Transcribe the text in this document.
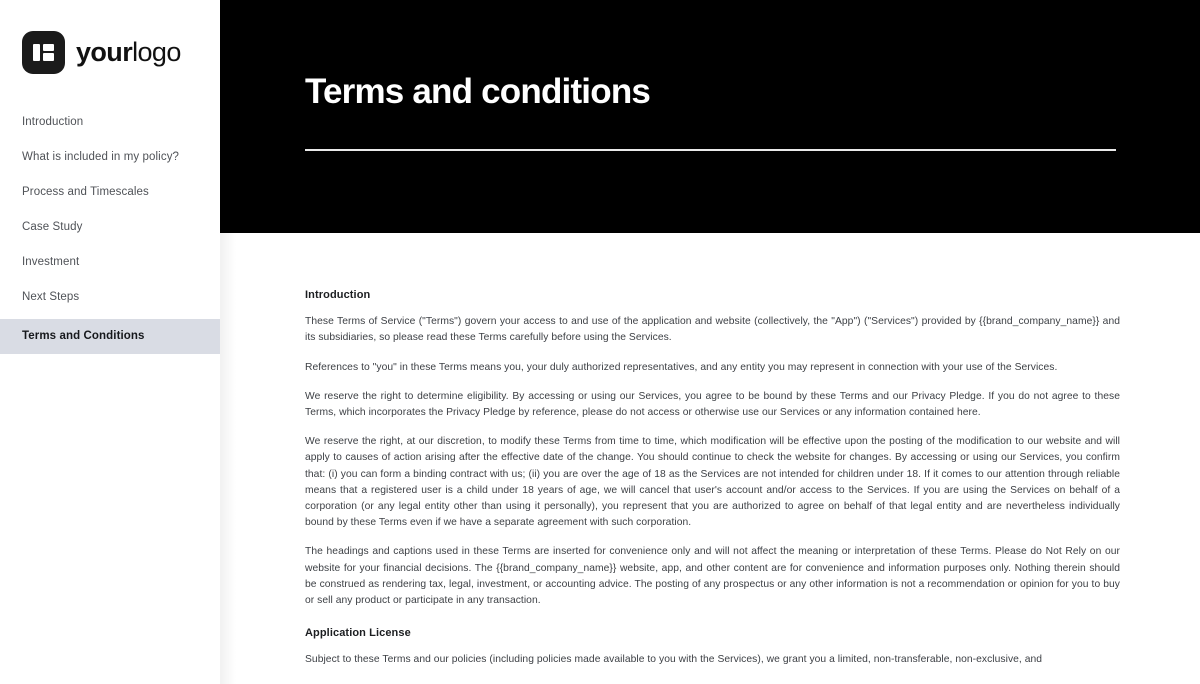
yourlogo
Introduction
What is included in my policy?
Process and Timescales
Case Study
Investment
Next Steps
Terms and Conditions
Terms and conditions
Introduction

These Terms of Service ("Terms") govern your access to and use of the application and website (collectively, the "App") ("Services") provided by {{brand_company_name}} and its subsidiaries, so please read these Terms carefully before using the Services.

References to "you" in these Terms means you, your duly authorized representatives, and any entity you may represent in connection with your use of the Services.

We reserve the right to determine eligibility. By accessing or using our Services, you agree to be bound by these Terms and our Privacy Pledge. If you do not agree to these Terms, which incorporates the Privacy Pledge by reference, please do not access or otherwise use our Services or any information contained here.

We reserve the right, at our discretion, to modify these Terms from time to time, which modification will be effective upon the posting of the modification to our website and will apply to causes of action arising after the effective date of the change. You should continue to check the website for changes. By accessing or using our Services, you confirm that: (i) you can form a binding contract with us; (ii) you are over the age of 18 as the Services are not intended for children under 18. If it comes to our attention through reliable means that a registered user is a child under 18 years of age, we will cancel that user's account and/or access to the Services. If you are using the Services on behalf of a corporation (or any legal entity other than using it personally), you represent that you are authorized to agree on behalf of that legal entity and are nevertheless individually bound by these Terms even if we have a separate agreement with such corporation.

The headings and captions used in these Terms are inserted for convenience only and will not affect the meaning or interpretation of these Terms. Please do Not Rely on our website for your financial decisions. The {{brand_company_name}} website, app, and other content are for convenience and information purposes only. Nothing therein should be construed as rendering tax, legal, investment, or accounting advice. The posting of any prospectus or any other information is not a recommendation or opinion for you to buy or sell any product or participate in any transaction.

Application License

Subject to these Terms and our policies (including policies made available to you with the Services), we grant you a limited, non-transferable, non-exclusive, and
